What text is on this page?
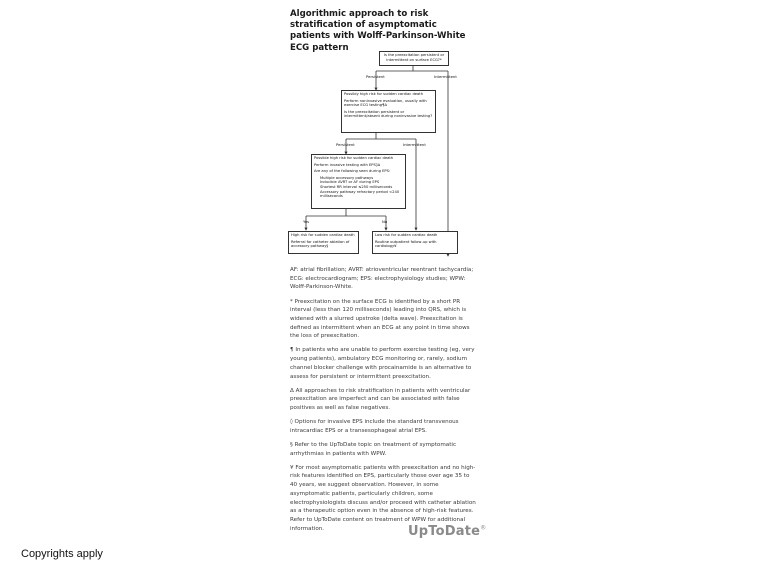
Algorithmic approach to risk stratification of asymptomatic patients with Wolff-Parkinson-White ECG pattern
Is the preexcitation persistent or intermittent on surface ECG?*
Persistent	Intermittent
Possibly high risk for sudden cardiac death

Perform noninvasive evaluation, usually with exercise ECG testing¶Δ

Is the preexcitation persistent or intermittent/absent during noninvasive testing?

Persistent	Intermittent
Possible high risk for sudden cardiac death

Perform invasive testing with EPS◊Δ

Are any of the following seen during EPS:

• Multiple accessory pathways
• Inducible AVRT or AF during EPS
• Shortest RR interval ≤250 milliseconds
• Accessory pathway refractory period <240 milliseconds
Yes	No
High risk for sudden cardiac death

Referral for catheter ablation of accessory pathway§

Low risk for sudden cardiac death

Routine outpatient follow-up with cardiology¥

AF: atrial fibrillation; AVRT: atrioventricular reentrant tachycardia; ECG: electrocardiogram; EPS: electrophysiology studies; WPW: Wolff-Parkinson-White.

* Preexcitation on the surface ECG is identified by a short PR interval (less than 120 milliseconds) leading into QRS, which is widened with a slurred upstroke (delta wave). Preexcitation is defined as intermittent when an ECG at any point in time shows the loss of preexcitation.

¶ In patients who are unable to perform exercise testing (eg, very young patients), ambulatory ECG monitoring or, rarely, sodium channel blocker challenge with procainamide is an alternative to assess for persistent or intermittent preexcitation.

Δ All approaches to risk stratification in patients with ventricular preexcitation are imperfect and can be associated with false positives as well as false negatives.

◊ Options for invasive EPS include the standard transvenous intracardiac EPS or a transesophageal atrial EPS.

§ Refer to the UpToDate topic on treatment of symptomatic arrhythmias in patients with WPW.

¥ For most asymptomatic patients with preexcitation and no high-risk features identified on EPS, particularly those over age 35 to 40 years, we suggest observation. However, in some asymptomatic patients, particularly children, some electrophysiologists discuss and/or proceed with catheter ablation as a therapeutic option even in the absence of high-risk features. Refer to UpToDate content on treatment of WPW for additional information.	UpToDate®
Copyrights apply
